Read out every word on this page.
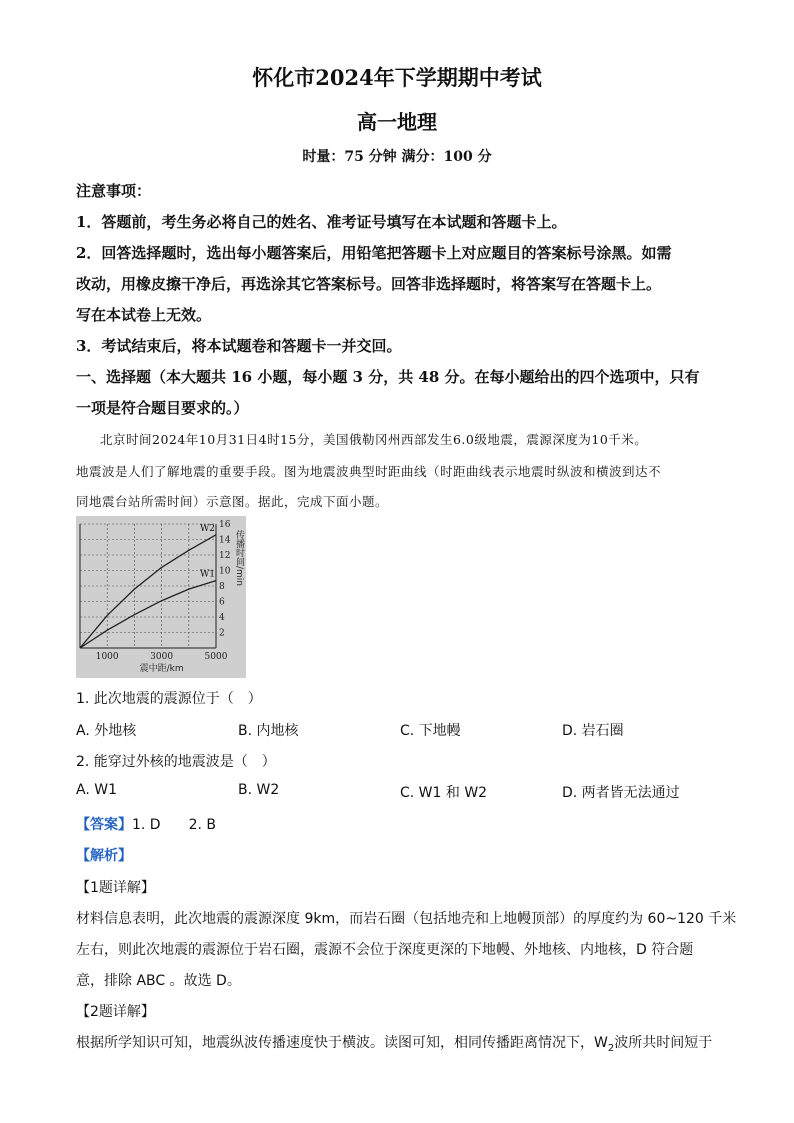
怀化市2024年下学期期中考试
高一地理
时量：75 分钟 满分：100 分
注意事项：
1．答题前，考生务必将自己的姓名、准考证号填写在本试题和答题卡上。
2．回答选择题时，选出每小题答案后，用铅笔把答题卡上对应题目的答案标号涂黑。如需
改动，用橡皮擦干净后，再选涂其它答案标号。回答非选择题时，将答案写在答题卡上。
写在本试卷上无效。
3．考试结束后，将本试题卷和答题卡一并交回。
一、选择题（本大题共 16 小题，每小题 3 分，共 48 分。在每小题给出的四个选项中，只有
一项是符合题目要求的。）
北京时间2024年10月31日4时15分，美国俄勒冈州西部发生6.0级地震，震源深度为10千米。
地震波是人们了解地震的重要手段。图为地震波典型时距曲线（时距曲线表示地震时纵波和横波到达不
同地震台站所需时间）示意图。据此，完成下面小题。
2
4
6
8
10
12
14
16
1000	3000	5000
震中距/km
传播时间/min
W2
W1
1. 此次地震的震源位于（　）
A. 外地核	B. 内地核	C. 下地幔	D. 岩石圈
2. 能穿过外核的地震波是（　）
A. W1	B. W2	C. W1 和 W2	D. 两者皆无法通过
【答案】1. D　　2. B
【解析】
【1题详解】
材料信息表明，此次地震的震源深度 9km，而岩石圈（包括地壳和上地幔顶部）的厚度约为 60~120 千米
左右，则此次地震的震源位于岩石圈，震源不会位于深度更深的下地幔、外地核、内地核，D 符合题
意，排除 ABC 。故选 D。
【2题详解】
根据所学知识可知，地震纵波传播速度快于横波。读图可知，相同传播距离情况下，$W_2$波所共时间短于
